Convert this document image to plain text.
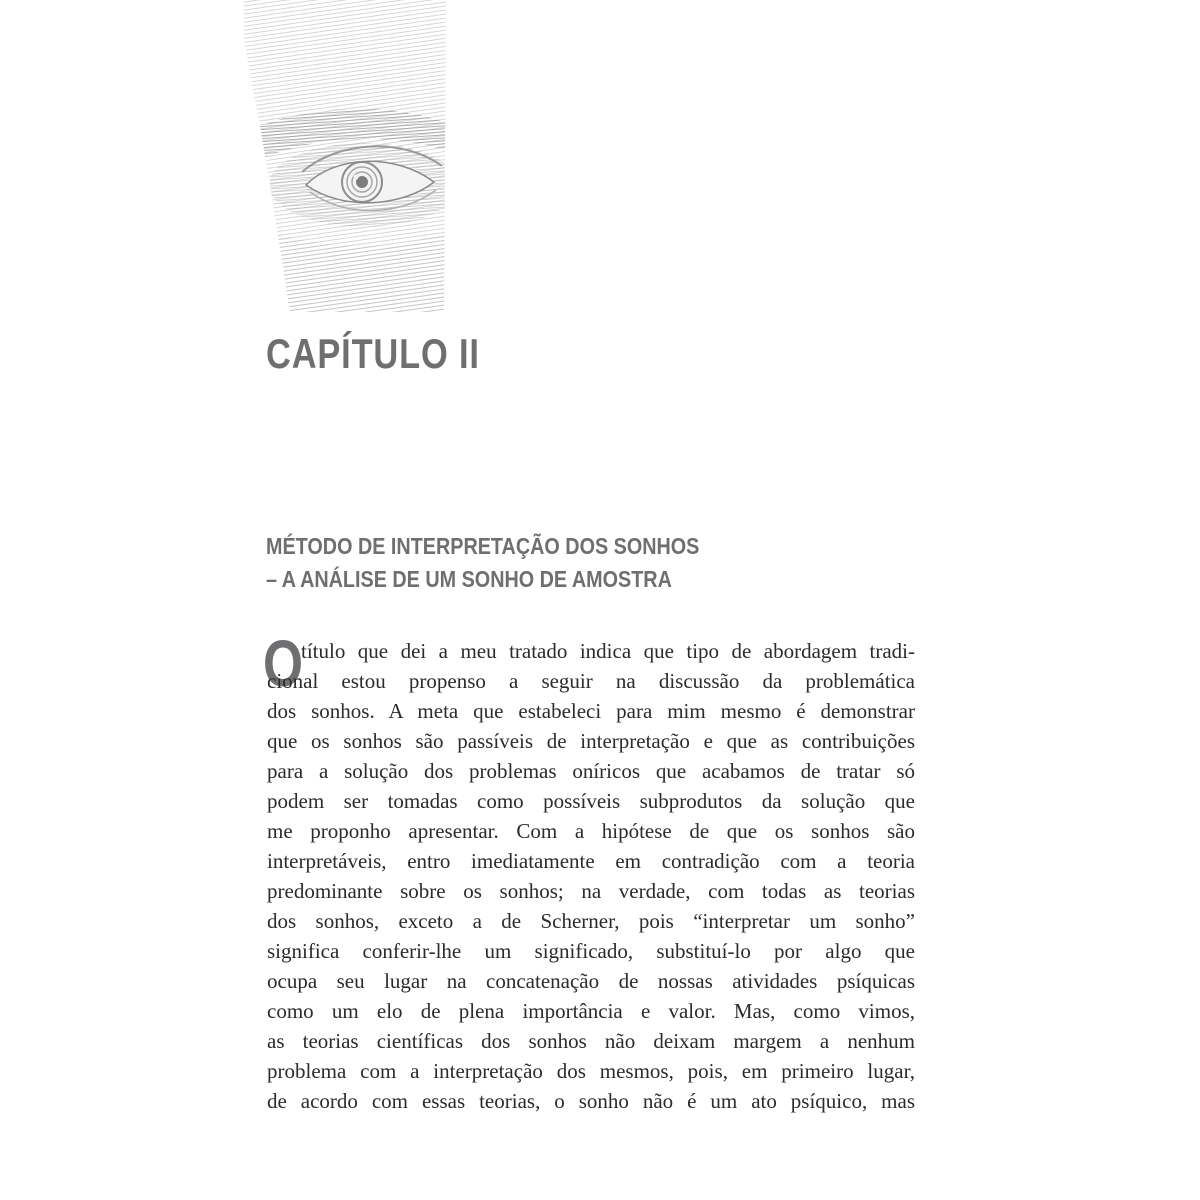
CAPÍTULO II
MÉTODO DE INTERPRETAÇÃO DOS SONHOS
– A ANÁLISE DE UM SONHO DE AMOSTRA
O
título que dei a meu tratado indica que tipo de abordagem tradi-
cional estou propenso a seguir na discussão da problemática
dos sonhos. A meta que estabeleci para mim mesmo é demonstrar
que os sonhos são passíveis de interpretação e que as contribuições
para a solução dos problemas oníricos que acabamos de tratar só
podem ser tomadas como possíveis subprodutos da solução que
me proponho apresentar. Com a hipótese de que os sonhos são
interpretáveis, entro imediatamente em contradição com a teoria
predominante sobre os sonhos; na verdade, com todas as teorias
dos sonhos, exceto a de Scherner, pois “interpretar um sonho”
significa conferir-lhe um significado, substituí-lo por algo que
ocupa seu lugar na concatenação de nossas atividades psíquicas
como um elo de plena importância e valor. Mas, como vimos,
as teorias científicas dos sonhos não deixam margem a nenhum
problema com a interpretação dos mesmos, pois, em primeiro lugar,
de acordo com essas teorias, o sonho não é um ato psíquico, mas
